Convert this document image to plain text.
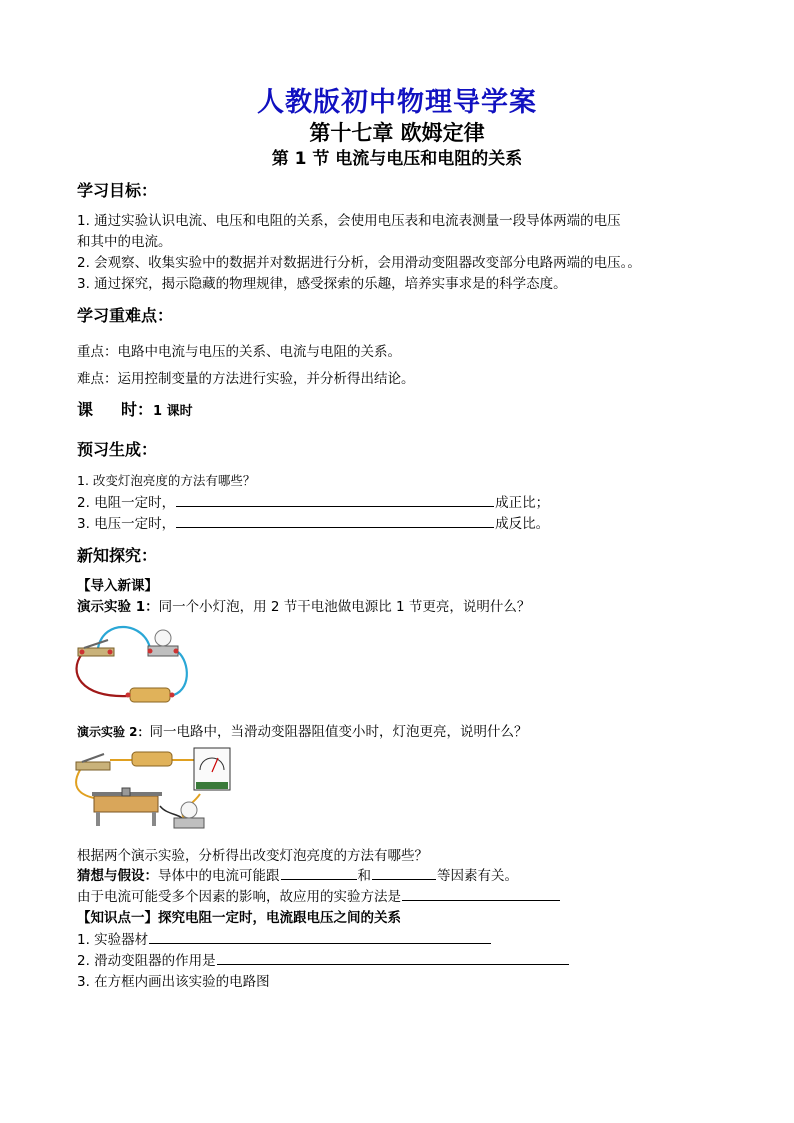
人教版初中物理导学案
第十七章 欧姆定律
第 1 节 电流与电压和电阻的关系
学习目标：
1. 通过实验认识电流、电压和电阻的关系，会使用电压表和电流表测量一段导体两端的电压
和其中的电流。
2. 会观察、收集实验中的数据并对数据进行分析，会用滑动变阻器改变部分电路两端的电压。。
3. 通过探究，揭示隐藏的物理规律，感受探索的乐趣，培养实事求是的科学态度。
学习重难点：
重点：电路中电流与电压的关系、电流与电阻的关系。
难点：运用控制变量的方法进行实验，并分析得出结论。
课 时：1 课时
预习生成：
1. 改变灯泡亮度的方法有哪些？
2. 电阻一定时，	成正比；
3. 电压一定时，	成反比。
新知探究：
【导入新课】
演示实验 1：同一个小灯泡，用 2 节干电池做电源比 1 节更亮，说明什么？
演示实验 2：同一电路中，当滑动变阻器阻值变小时，灯泡更亮，说明什么？
根据两个演示实验，分析得出改变灯泡亮度的方法有哪些？
猜想与假设：导体中的电流可能跟	和	等因素有关。
由于电流可能受多个因素的影响，故应用的实验方法是
【知识点一】探究电阻一定时，电流跟电压之间的关系
1. 实验器材
2. 滑动变阻器的作用是
3. 在方框内画出该实验的电路图
